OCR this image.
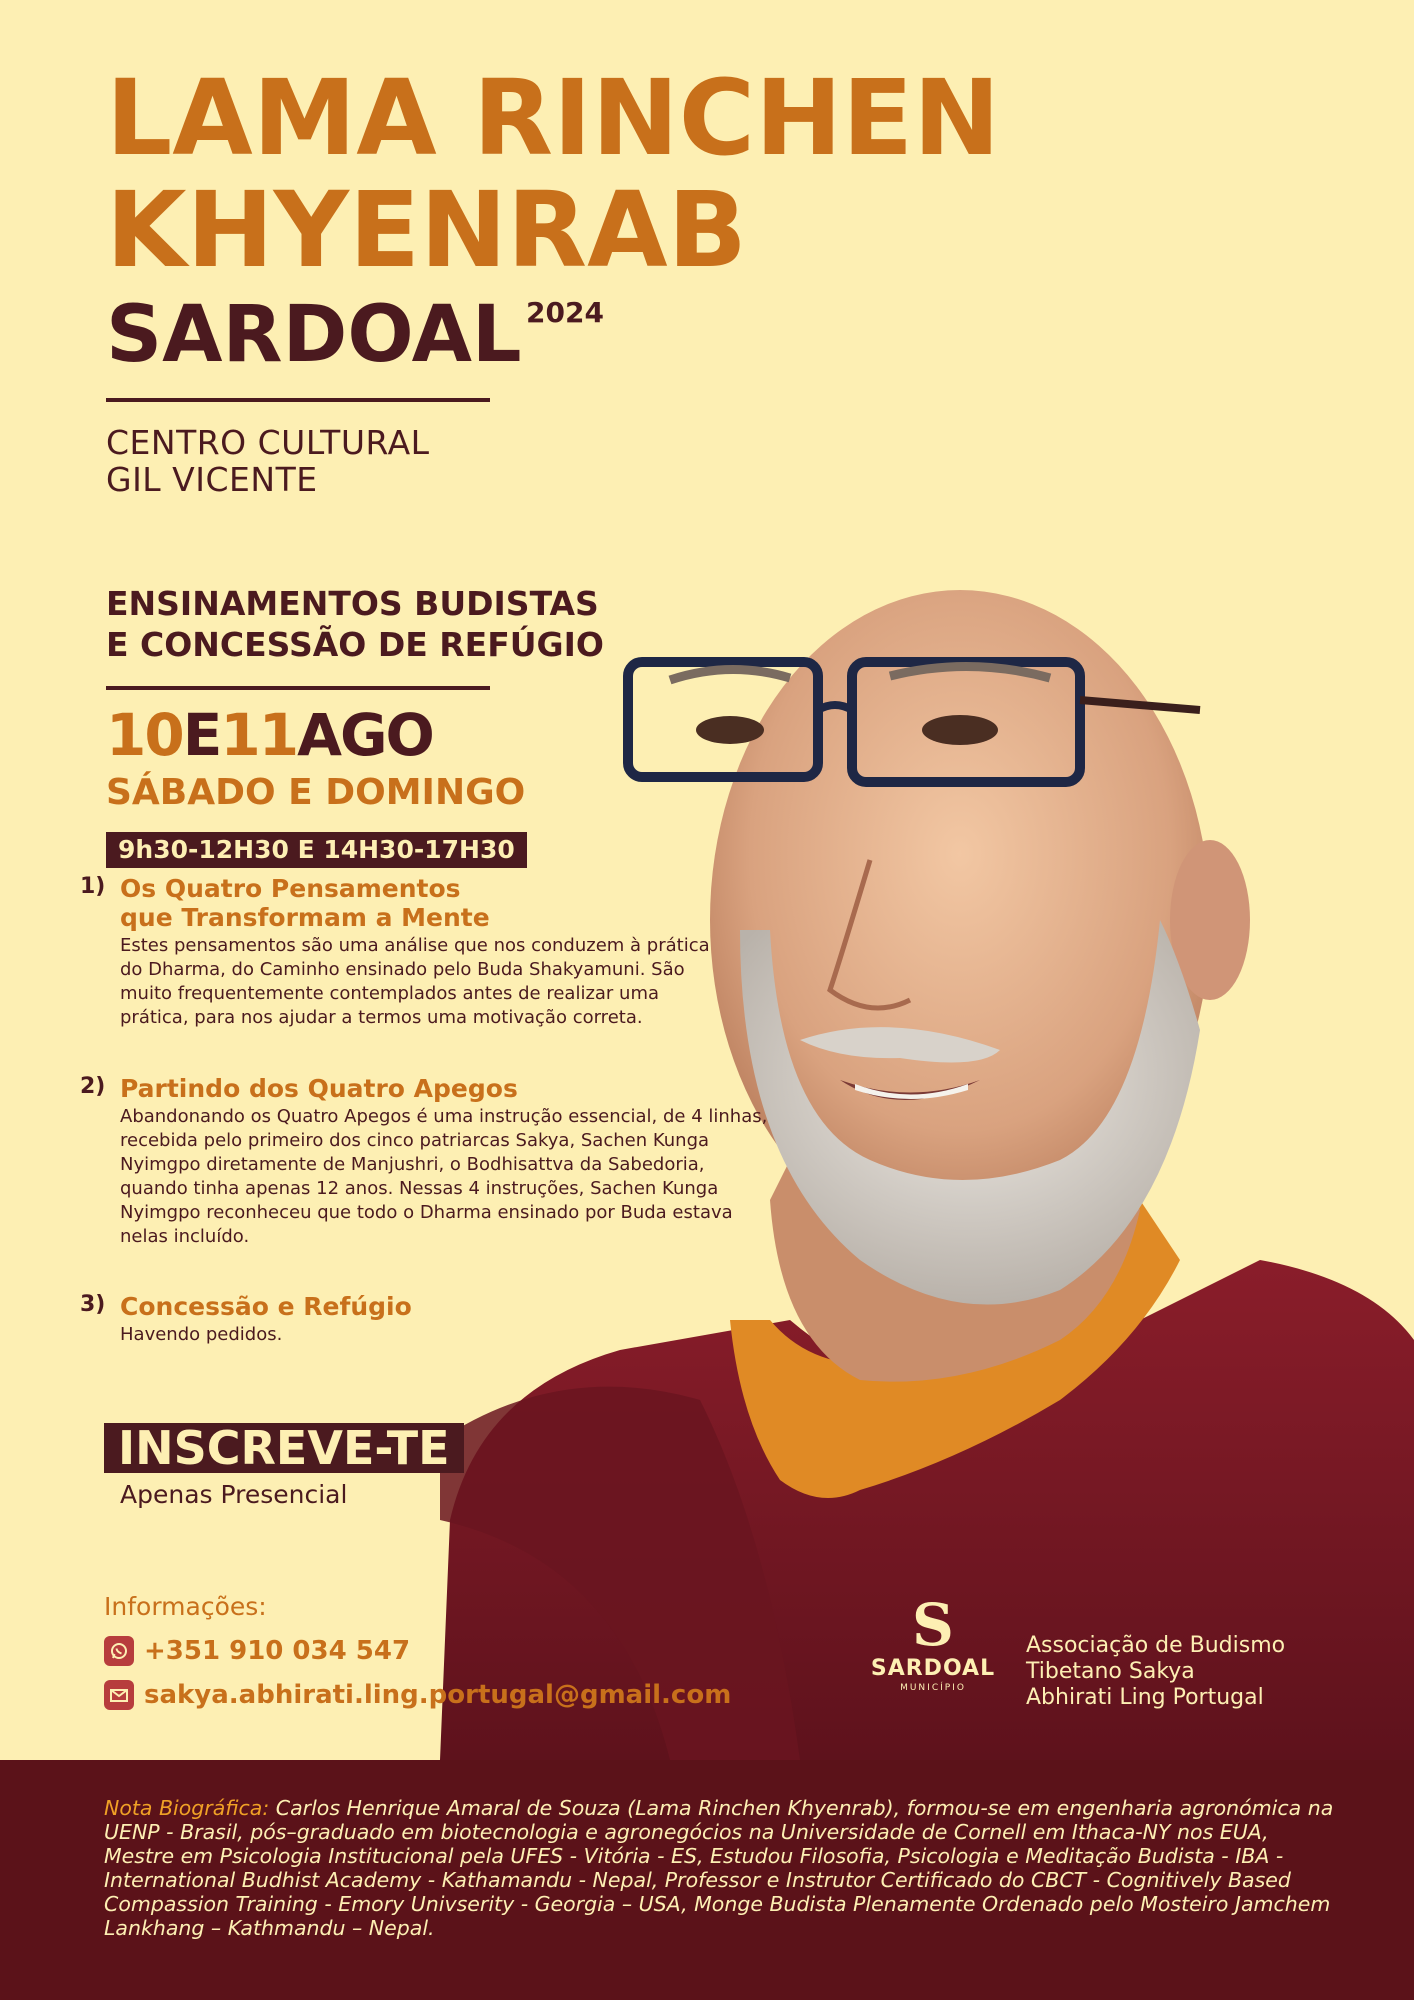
LAMA RINCHEN
KHYENRAB
SARDOAL 2024
CENTRO CULTURAL
GIL VICENTE
ENSINAMENTOS BUDISTAS
E CONCESSÃO DE REFÚGIO
10E11AGO
SÁBADO E DOMINGO
9h30-12H30 E 14H30-17H30
1) Os Quatro Pensamentos
que Transformam a Mente
Estes pensamentos são uma análise que nos conduzem à prática do Dharma, do Caminho ensinado pelo Buda Shakyamuni. São muito frequentemente contemplados antes de realizar uma prática, para nos ajudar a termos uma motivação correta.
2) Partindo dos Quatro Apegos
Abandonando os Quatro Apegos é uma instrução essencial, de 4 linhas, recebida pelo primeiro dos cinco patriarcas Sakya, Sachen Kunga Nyimgpo diretamente de Manjushri, o Bodhisattva da Sabedoria, quando tinha apenas 12 anos. Nessas 4 instruções, Sachen Kunga Nyimgpo reconheceu que todo o Dharma ensinado por Buda estava nelas incluído.
3) Concessão e Refúgio
Havendo pedidos.
INSCREVE-TE
Apenas Presencial
Informações:
+351 910 034 547
sakya.abhirati.ling.portugal@gmail.com
S
SARDOAL
MUNICÍPIO
Associação de Budismo
Tibetano Sakya
Abhirati Ling Portugal
Nota Biográfica: Carlos Henrique Amaral de Souza (Lama Rinchen Khyenrab), formou-se em engenharia agronómica na UENP - Brasil, pós–graduado em biotecnologia e agronegócios na Universidade de Cornell em Ithaca-NY nos EUA, Mestre em Psicologia Institucional pela UFES - Vitória - ES, Estudou Filosofia, Psicologia e Meditação Budista - IBA - International Budhist Academy - Kathamandu - Nepal, Professor e Instrutor Certificado do CBCT - Cognitively Based Compassion Training - Emory Univserity - Georgia – USA, Monge Budista Plenamente Ordenado pelo Mosteiro Jamchem Lankhang – Kathmandu – Nepal.
